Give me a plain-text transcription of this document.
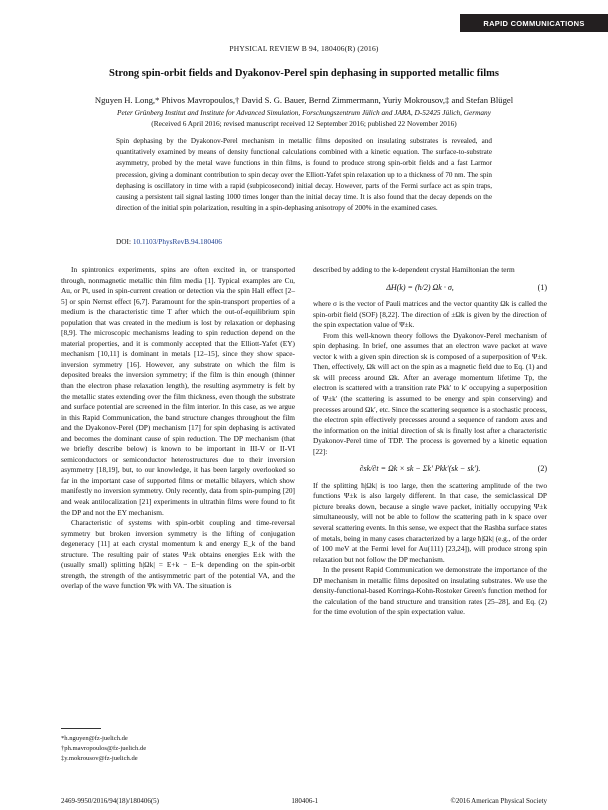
RAPID COMMUNICATIONS
PHYSICAL REVIEW B 94, 180406(R) (2016)
Strong spin-orbit fields and Dyakonov-Perel spin dephasing in supported metallic films
Nguyen H. Long,* Phivos Mavropoulos,† David S. G. Bauer, Bernd Zimmermann, Yuriy Mokrousov,‡ and Stefan Blügel
Peter Grünberg Institut and Institute for Advanced Simulation, Forschungszentrum Jülich and JARA, D-52425 Jülich, Germany
(Received 6 April 2016; revised manuscript received 12 September 2016; published 22 November 2016)
Spin dephasing by the Dyakonov-Perel mechanism in metallic films deposited on insulating substrates is revealed, and quantitatively examined by means of density functional calculations combined with a kinetic equation. The surface-to-substrate asymmetry, probed by the metal wave functions in thin films, is found to produce strong spin-orbit fields and a fast Larmor precession, giving a dominant contribution to spin decay over the Elliott-Yafet spin relaxation up to a thickness of 70 nm. The spin dephasing is oscillatory in time with a rapid (subpicosecond) initial decay. However, parts of the Fermi surface act as spin traps, causing a persistent tail signal lasting 1000 times longer than the initial decay time. It is also found that the decay depends on the direction of the initial spin polarization, resulting in a spin-dephasing anisotropy of 200% in the examined cases.
DOI: 10.1103/PhysRevB.94.180406

In spintronics experiments, spins are often excited in, or transported through, nonmagnetic metallic thin film media [1]. Typical examples are Cu, Au, or Pt, used in spin-current creation or detection via the spin Hall effect [2–5] or spin Nernst effect [6,7]. Paramount for the spin-transport properties of a medium is the characteristic time T after which the out-of-equilibrium spin population that was created in the medium is lost by relaxation or dephasing [8,9]. The microscopic mechanisms leading to spin reduction depend on the material properties, and it is commonly accepted that the Elliott-Yafet (EY) mechanism [10,11] is dominant in metals [12–15], since they show space-inversion symmetry [16]. However, any substrate on which the film is deposited breaks the inversion symmetry; if the film is thin enough (thinner than the electron phase relaxation length), the resulting asymmetry is felt by the metallic states extending over the film thickness, even though the substrate and surface potential are screened in the film interior. In this case, as we argue in this Rapid Communication, the band structure changes throughout the film and the Dyakonov-Perel (DP) mechanism [17] for spin dephasing is activated and becomes the dominant cause of spin reduction. The DP mechanism (that we briefly describe below) is known to be important in III-V or II-VI semiconductors or semiconductor heterostructures due to their inversion asymmetry [18,19], but, to our knowledge, it has been largely overlooked so far in the important case of supported films or metallic bilayers, which show manifestly no inversion symmetry. Only recently, data from spin-pumping [20] and weak antilocalization [21] experiments in ultrathin films were found to fit the DP and not the EY mechanism.

Characteristic of systems with spin-orbit coupling and time-reversal symmetry but broken inversion symmetry is the lifting of conjugation degeneracy [11] at each crystal momentum k and energy E_k of the band structure. The resulting pair of states Ψ±k obtains energies E±k with the (usually small) splitting ħ|Ωk| = E+k − E−k depending on the spin-orbit strength, the strength of the antisymmetric part of the potential VA, and the overlap of the wave function Ψk with VA. The situation is

described by adding to the k-dependent crystal Hamiltonian the term

ΔH(k) = (ħ/2) Ωk · σ,	(1)

where σ is the vector of Pauli matrices and the vector quantity Ωk is called the spin-orbit field (SOF) [8,22]. The direction of ±Ωk is given by the direction of the spin expectation value of Ψ±k.

From this well-known theory follows the Dyakonov-Perel mechanism of spin dephasing. In brief, one assumes that an electron wave packet at wave vector k with a given spin direction sk is composed of a superposition of Ψ±k. Then, effectively, Ωk will act on the spin as a magnetic field due to Eq. (1) and sk will precess around Ωk. After an average momentum lifetime Tp, the electron is scattered with a transition rate Pkk′ to k′ occupying a superposition of Ψ±k′ (the scattering is assumed to be energy and spin conserving) and precesses around Ωk′, etc. Since the scattering sequence is a stochastic process, the electron spin effectively precesses around a sequence of random axes and the information on the initial direction of sk is finally lost after a characteristic Dyakonov-Perel time of TDP. The process is governed by a kinetic equation [22]:

∂sk/∂t = Ωk × sk − Σk′ Pkk′(sk − sk′).	(2)

If the splitting ħ|Ωk| is too large, then the scattering amplitude of the two functions Ψ±k is also largely different. In that case, the semiclassical DP picture breaks down, because a single wave packet, initially occupying Ψ±k simultaneously, will not be able to follow the scattering path in k space over several scattering events. In this sense, we expect that the Rashba surface states of metals, being in many cases characterized by a large ħ|Ωk| (e.g., of the order of 100 meV at the Fermi level for Au(111) [23,24]), will produce strong spin relaxation but not follow the DP mechanism.

In the present Rapid Communication we demonstrate the importance of the DP mechanism in metallic films deposited on insulating substrates. We use the density-functional-based Korringa-Kohn-Rostoker Green's function method for the calculation of the band structure and transition rates [25–28], and Eq. (2) for the time evolution of the spin expectation value.

*h.nguyen@fz-juelich.de
†ph.mavropoulos@fz-juelich.de
‡y.mokrousov@fz-juelich.de
2469-9950/2016/94(18)/180406(5)	180406-1	©2016 American Physical Society
